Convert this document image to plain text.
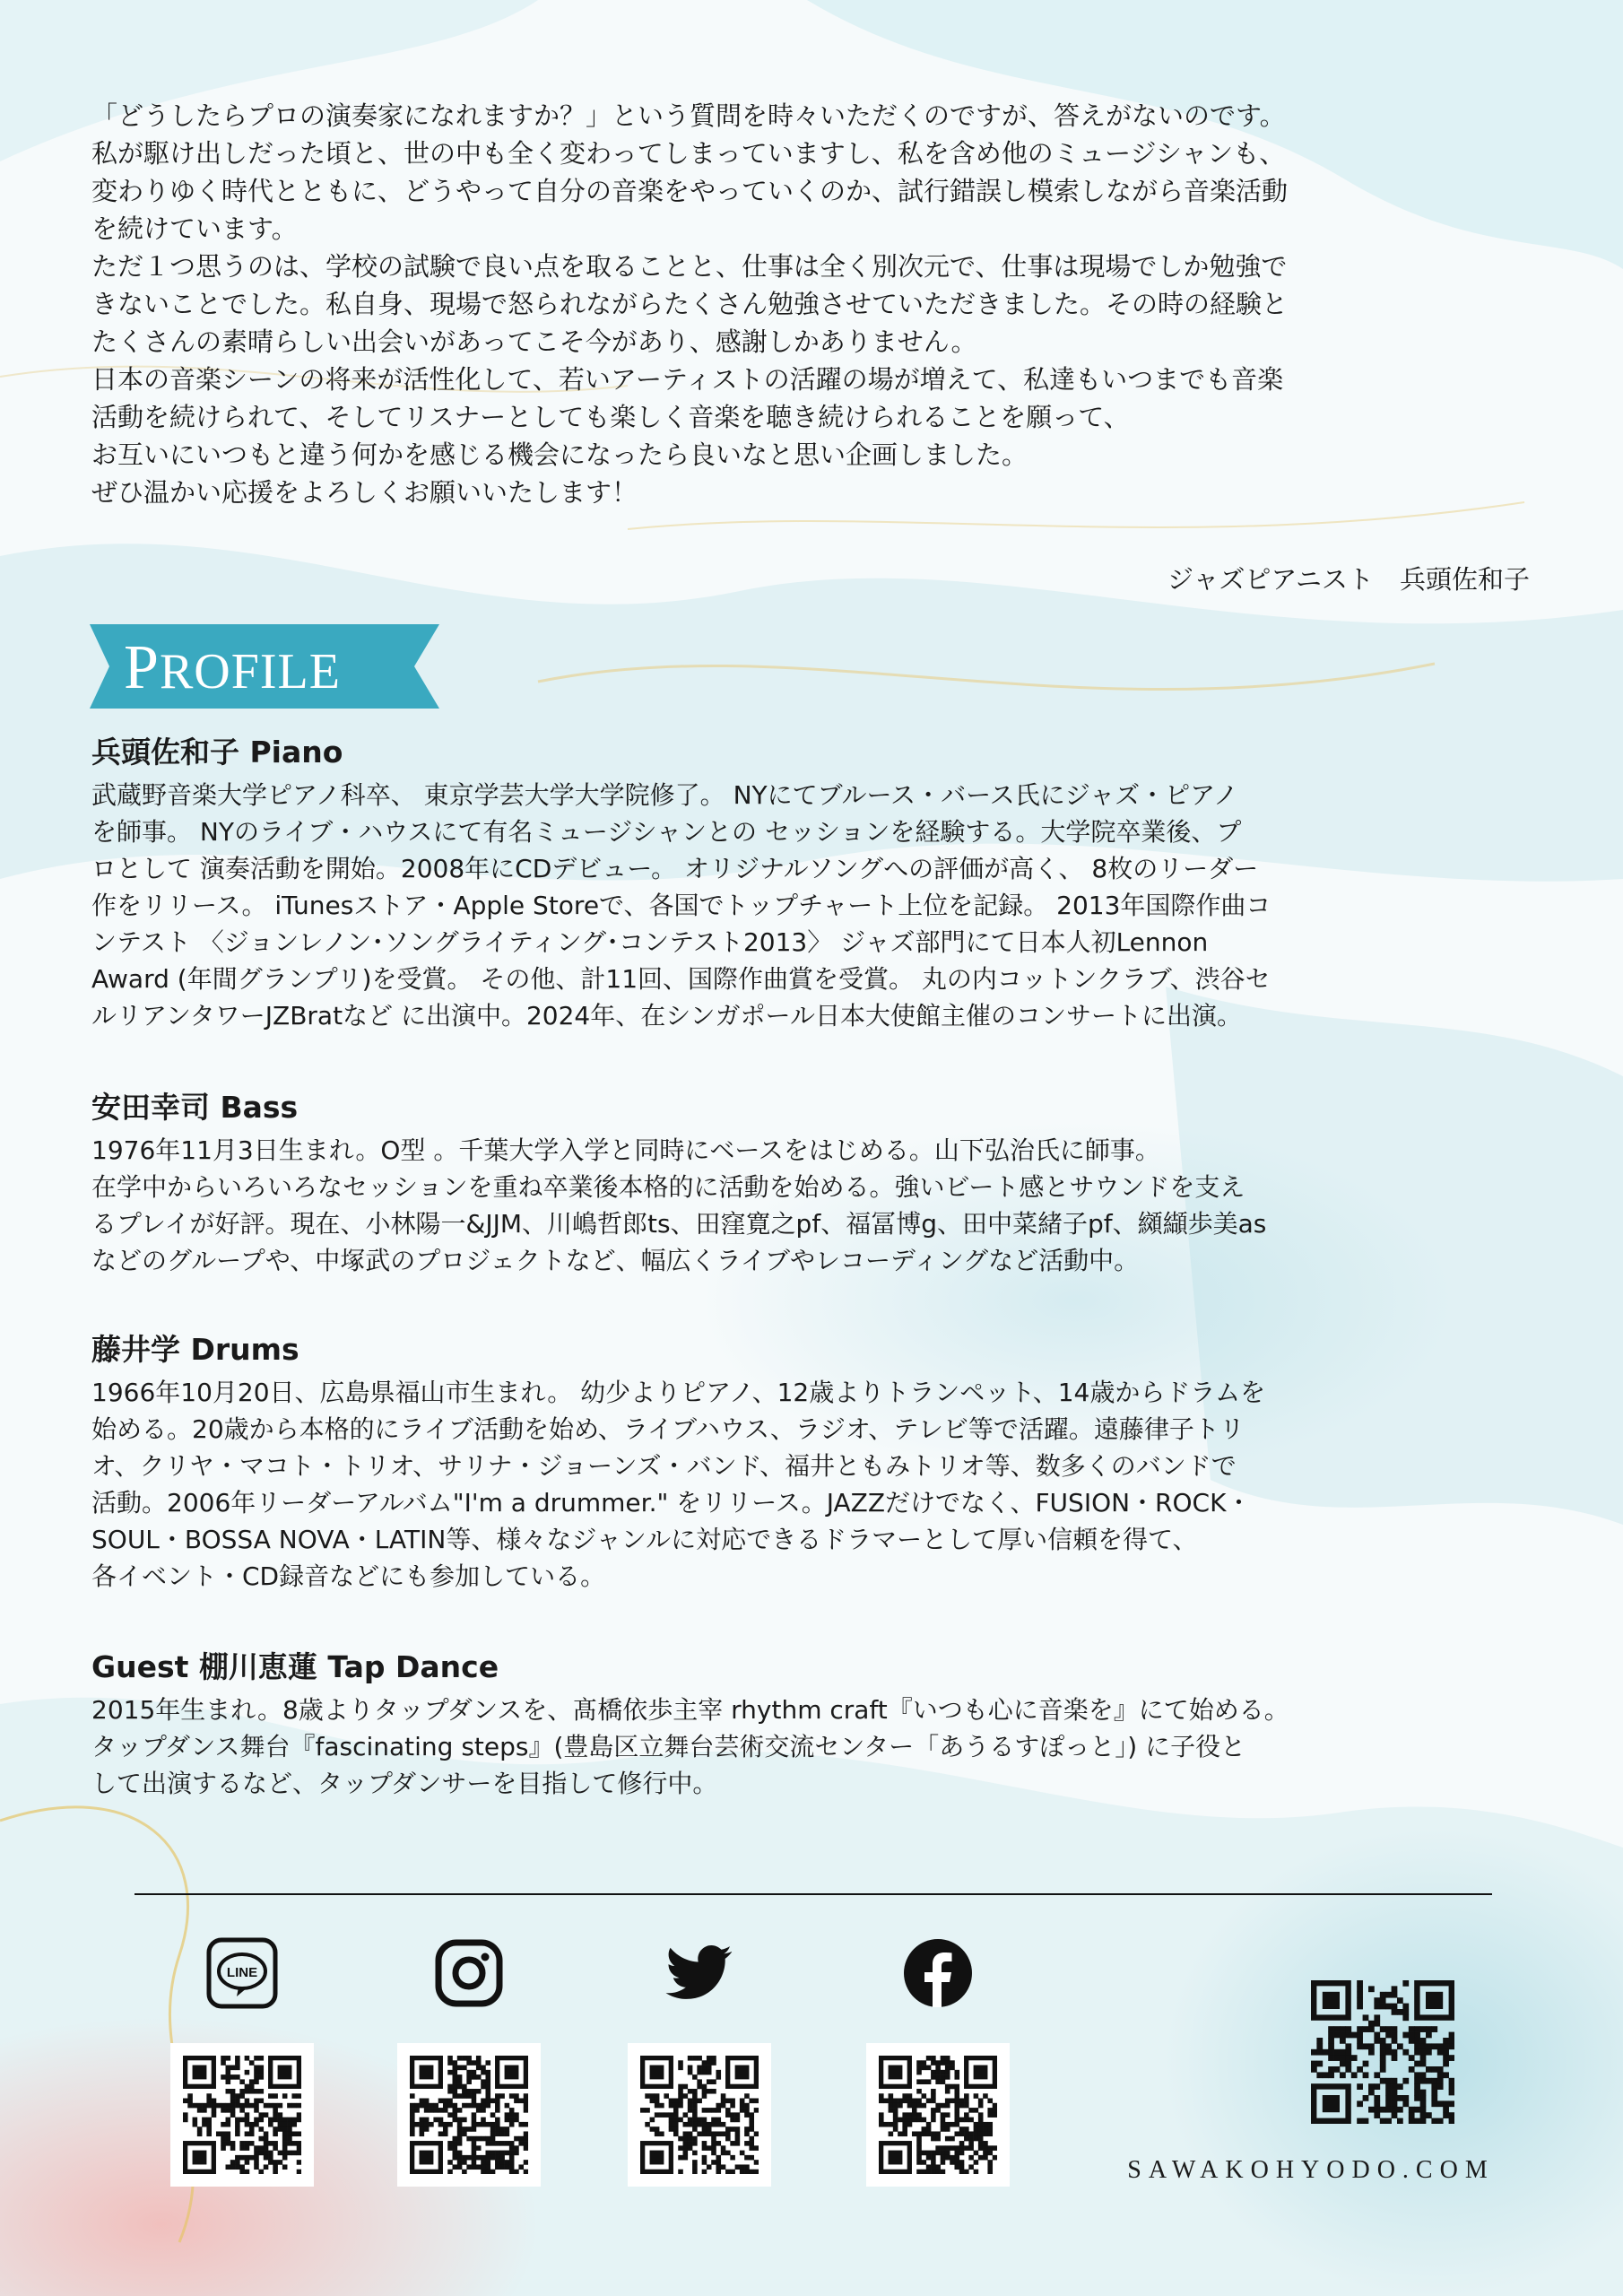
「どうしたらプロの演奏家になれますか？」という質問を時々いただくのですが、答えがないのです。

私が駆け出しだった頃と、世の中も全く変わってしまっていますし、私を含め他のミュージシャンも、

変わりゆく時代とともに、どうやって自分の音楽をやっていくのか、試行錯誤し模索しながら音楽活動

を続けています。

ただ１つ思うのは、学校の試験で良い点を取ることと、仕事は全く別次元で、仕事は現場でしか勉強で

きないことでした。私自身、現場で怒られながらたくさん勉強させていただきました。その時の経験と

たくさんの素晴らしい出会いがあってこそ今があり、感謝しかありません。

日本の音楽シーンの将来が活性化して、若いアーティストの活躍の場が増えて、私達もいつまでも音楽

活動を続けられて、そしてリスナーとしても楽しく音楽を聴き続けられることを願って、

お互いにいつもと違う何かを感じる機会になったら良いなと思い企画しました。

ぜひ温かい応援をよろしくお願いいたします！

ジャズピアニスト　兵頭佐和子
PROFILE
兵頭佐和子 Piano

武蔵野音楽大学ピアノ科卒、 東京学芸大学大学院修了。 NYにてブルース・バース氏にジャズ・ピアノ

を師事。 NYのライブ・ハウスにて有名ミュージシャンとの セッションを経験する。大学院卒業後、プ

ロとして 演奏活動を開始。2008年にCDデビュー。 オリジナルソングへの評価が高く、 8枚のリーダー

作をリリース。 iTunesストア・Apple Storeで、各国でトップチャート上位を記録。 2013年国際作曲コ

ンテスト 〈ジョンレノン･ソングライティング･コンテスト2013〉 ジャズ部門にて日本人初Lennon

Award (年間グランプリ)を受賞。 その他、計11回、国際作曲賞を受賞。 丸の内コットンクラブ、渋谷セ

ルリアンタワーJZBratなど に出演中。2024年、在シンガポール日本大使館主催のコンサートに出演。

安田幸司 Bass

1976年11月3日生まれ。O型 。千葉大学入学と同時にベースをはじめる。山下弘治氏に師事。

在学中からいろいろなセッションを重ね卒業後本格的に活動を始める。強いビート感とサウンドを支え

るプレイが好評。現在、小林陽一&JJM、川嶋哲郎ts、田窪寛之pf、福冨博g、田中菜緒子pf、纐纈歩美as

などのグループや、中塚武のプロジェクトなど、幅広くライブやレコーディングなど活動中。

藤井学 Drums

1966年10月20日、広島県福山市生まれ。 幼少よりピアノ、12歳よりトランペット、14歳からドラムを

始める。20歳から本格的にライブ活動を始め、ライブハウス、ラジオ、テレビ等で活躍。遠藤律子トリ

オ、クリヤ・マコト・トリオ、サリナ・ジョーンズ・バンド、福井ともみトリオ等、数多くのバンドで

活動。2006年リーダーアルバム"I'm a drummer." をリリース。JAZZだけでなく、FUSION・ROCK・

SOUL・BOSSA NOVA・LATIN等、様々なジャンルに対応できるドラマーとして厚い信頼を得て、

各イベント・CD録音などにも参加している。

Guest 棚川恵蓮 Tap Dance

2015年生まれ。8歳よりタップダンスを、髙橋依歩主宰 rhythm craft『いつも心に音楽を』にて始める。

タップダンス舞台『fascinating steps』(豊島区立舞台芸術交流センター「あうるすぽっと」) に子役と

して出演するなど、タップダンサーを目指して修行中。

LINE
SAWAKOHYODO.COM
